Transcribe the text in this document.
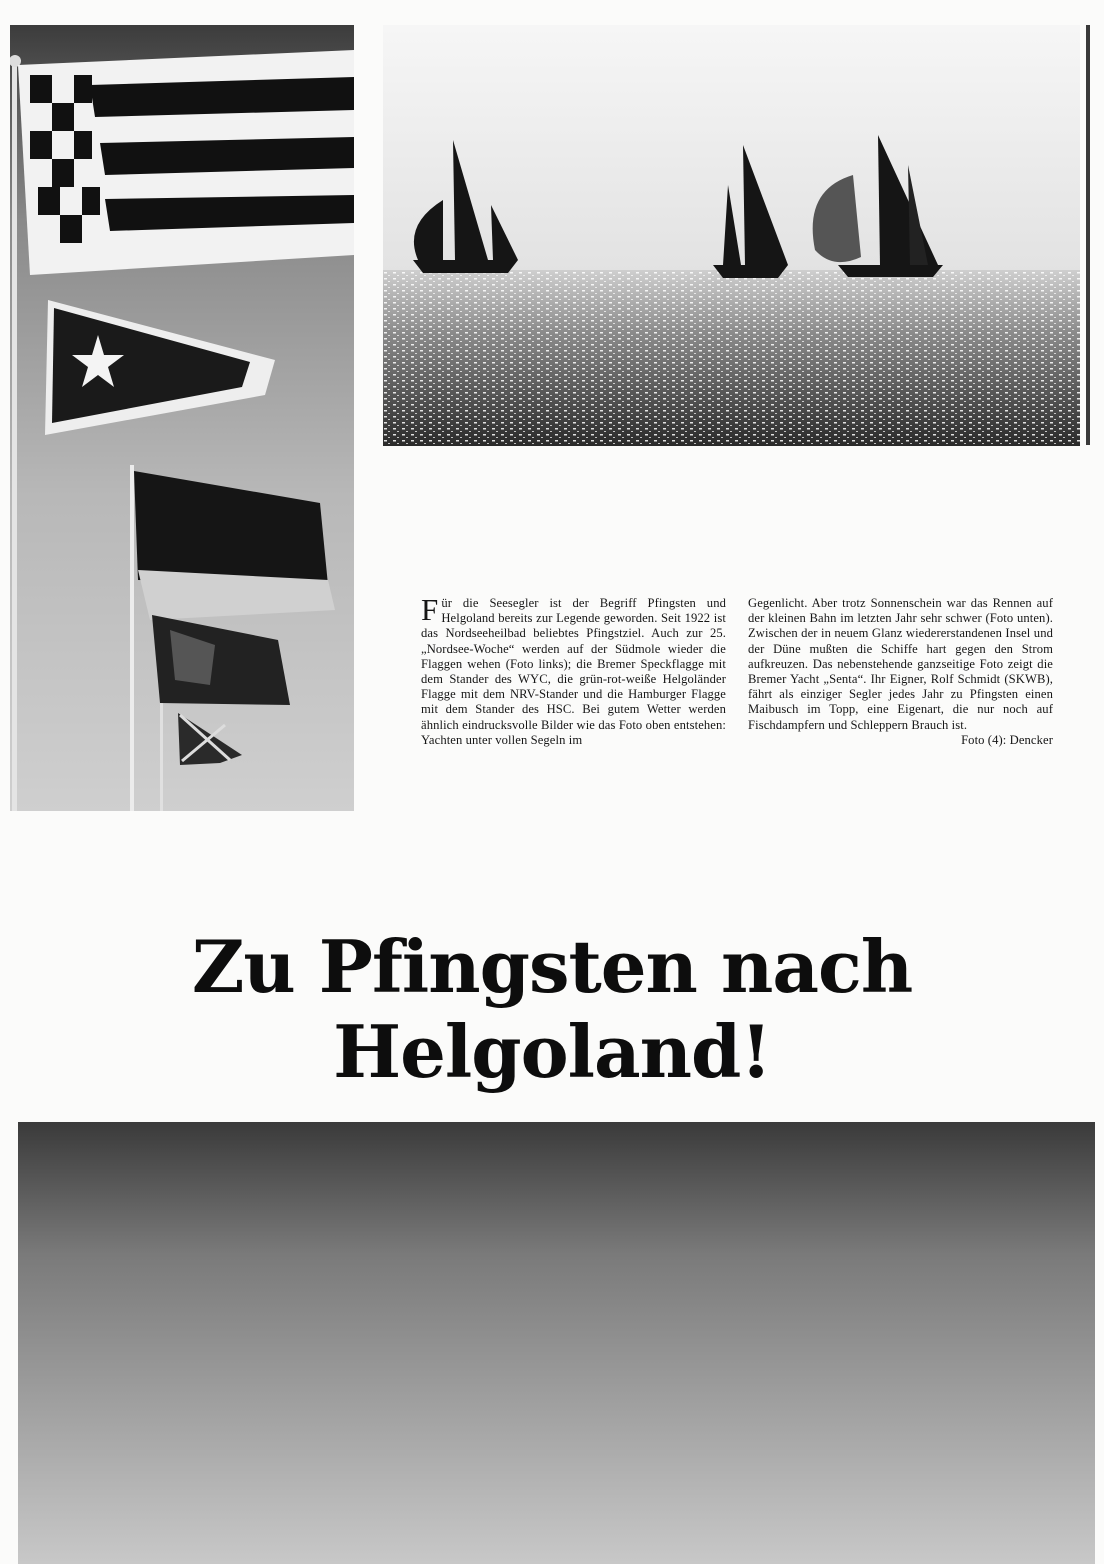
Für die Seesegler ist der Begriff Pfingsten und Helgoland bereits zur Legende geworden. Seit 1922 ist das Nordseeheilbad beliebtes Pfingstziel. Auch zur 25. „Nordsee-Woche“ werden auf der Südmole wieder die Flaggen wehen (Foto links); die Bremer Speckflagge mit dem Stander des WYC, die grün-rot-weiße Helgoländer Flagge mit dem NRV-Stander und die Hamburger Flagge mit dem Stander des HSC. Bei gutem Wetter werden ähnlich eindrucksvolle Bilder wie das Foto oben entstehen: Yachten unter vollen Segeln im
Gegenlicht. Aber trotz Sonnenschein war das Rennen auf der kleinen Bahn im letzten Jahr sehr schwer (Foto unten). Zwischen der in neuem Glanz wiedererstandenen Insel und der Düne mußten die Schiffe hart gegen den Strom aufkreuzen. Das nebenstehende ganzseitige Foto zeigt die Bremer Yacht „Senta“. Ihr Eigner, Rolf Schmidt (SKWB), fährt als einziger Segler jedes Jahr zu Pfingsten einen Maibusch im Topp, eine Eigenart, die nur noch auf Fischdampfern und Schleppern Brauch ist.
Foto (4): Dencker
Zu Pfingsten nach Helgoland!
